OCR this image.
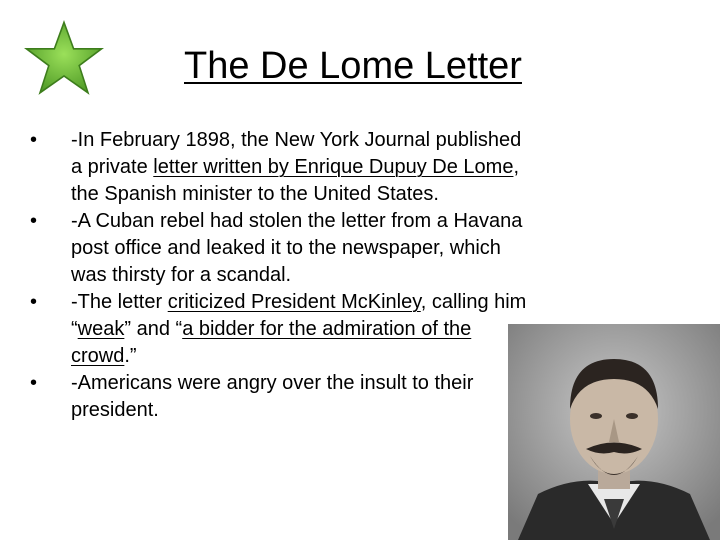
The De Lome Letter
•	-In February 1898, the New York Journal published a private letter written by Enrique Dupuy De Lome, the Spanish minister to the United States.
•	-A Cuban rebel had stolen the letter from a Havana post office and leaked it to the newspaper, which was thirsty for a scandal.
•	-The letter criticized President McKinley, calling him “weak” and “a bidder for the admiration of the crowd.”
•	-Americans were angry over the insult to their president.
